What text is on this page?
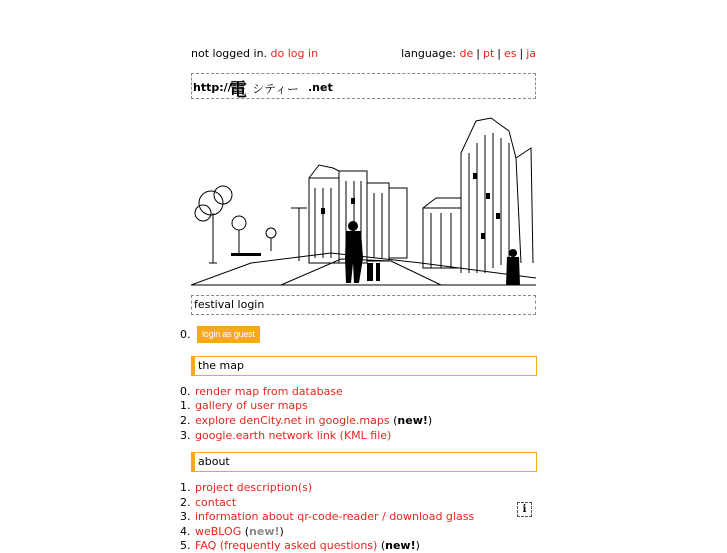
not logged in. do log in	language: de | pt | es | ja
http://
電 シティー .net
festival login
0.	login as guest
the map
0. render map from database
1. gallery of user maps
2. explore denCity.net in google.maps (new!)
3. google.earth network link (KML file)
about
1. project description(s)
2. contact
3. information about qr-code-reader / download glass
4. weBLOG (new!)
5. FAQ (frequently asked questions) (new!)
i
